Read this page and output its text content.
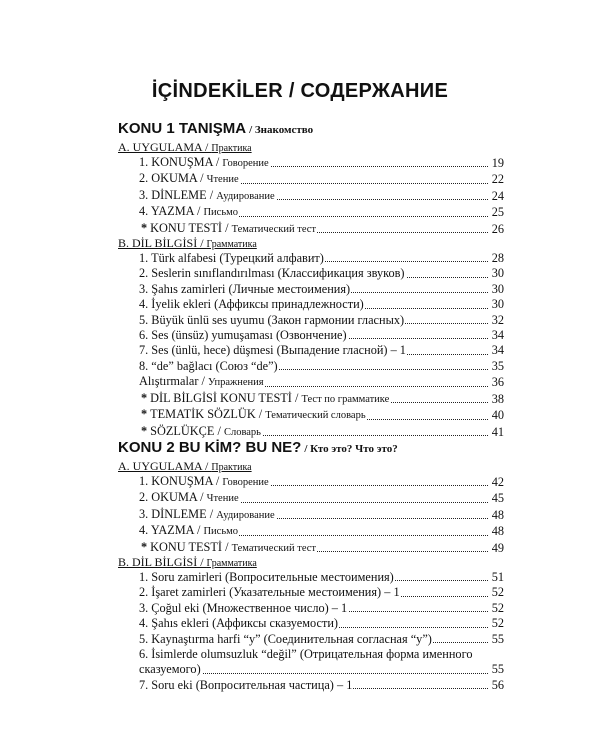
İÇİNDEKİLER / СОДЕРЖАНИЕ
KONU 1 TANIŞMA / Знакомство
A. UYGULAMA / Практика
1. KONUŞMA / Говорение	19
2. OKUMA / Чтение	22
3. DİNLEME / Аудирование	24
4. YAZMA / Письмо	25
* KONU TESTİ / Тематический тест	26
B. DİL BİLGİSİ / Грамматика
1. Türk alfabesi (Турецкий алфавит)	28
2. Seslerin sınıflandırılması (Классификация звуков)	30
3. Şahıs zamirleri (Личные местоимения)	30
4. İyelik ekleri (Аффиксы принадлежности)	30
5. Büyük ünlü ses uyumu (Закон гармонии гласных)	32
6. Ses (ünsüz) yumuşaması (Озвончение)	34
7. Ses (ünlü, hece) düşmesi (Выпадение гласной) – 1	34
8. “de” bağlacı (Союз “de”)	35
Alıştırmalar / Упражнения	36
* DİL BİLGİSİ KONU TESTİ / Тест по грамматике	38
* TEMATİK SÖZLÜK / Тематический словарь	40
* SÖZLÜKÇE / Словарь	41
KONU 2 BU KİM? BU NE? / Кто это? Что это?
A. UYGULAMA / Практика
1. KONUŞMA / Говорение	42
2. OKUMA / Чтение	45
3. DİNLEME / Аудирование	48
4. YAZMA / Письмо	48
* KONU TESTİ / Тематический тест	49
B. DİL BİLGİSİ / Грамматика
1. Soru zamirleri (Вопросительные местоимения)	51
2. İşaret zamirleri (Указательные местоимения) – 1	52
3. Çoğul eki (Множественное число) – 1	52
4. Şahıs ekleri (Аффиксы сказуемости)	52
5. Kaynaştırma harfi “y” (Соединительная согласная “y”)	55
6. İsimlerde olumsuzluk “değil” (Отрицательная форма именного
сказуемого)	55
7. Soru eki (Вопросительная частица) – 1	56
